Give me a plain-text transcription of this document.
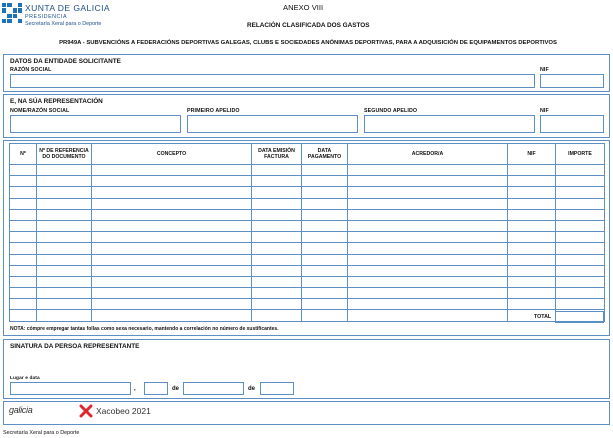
XUNTA DE GALICIA
PRESIDENCIA
Secretaría Xeral para o Deporte
ANEXO VIII
RELACIÓN CLASIFICADA DOS GASTOS
PR949A - SUBVENCIÓNS A FEDERACIÓNS DEPORTIVAS GALEGAS, CLUBS E SOCIEDADES ANÓNIMAS DEPORTIVAS, PARA A ADQUISICIÓN DE EQUIPAMENTOS DEPORTIVOS
DATOS DA ENTIDADE SOLICITANTE
RAZÓN SOCIAL	NIF
E, NA SÚA REPRESENTACIÓN
NOME/RAZÓN SOCIAL	PRIMEIRO APELIDO	SEGUNDO APELIDO	NIF
Nº	Nº DE REFERENCIA DO DOCUMENTO	CONCEPTO	DATA EMISIÓN FACTURA	DATA PAGAMENTO	ACREDOR/A	NIF	IMPORTE

TOTAL
NOTA: cómpre empregar tantas follas como sexa necesario, mantendo a correlación no número de xustificantes.
SINATURA DA PERSOA REPRESENTANTE
Lugar e data
,	de	de
galicia	Xacobeo 2021
Secretaría Xeral para o Deporte
